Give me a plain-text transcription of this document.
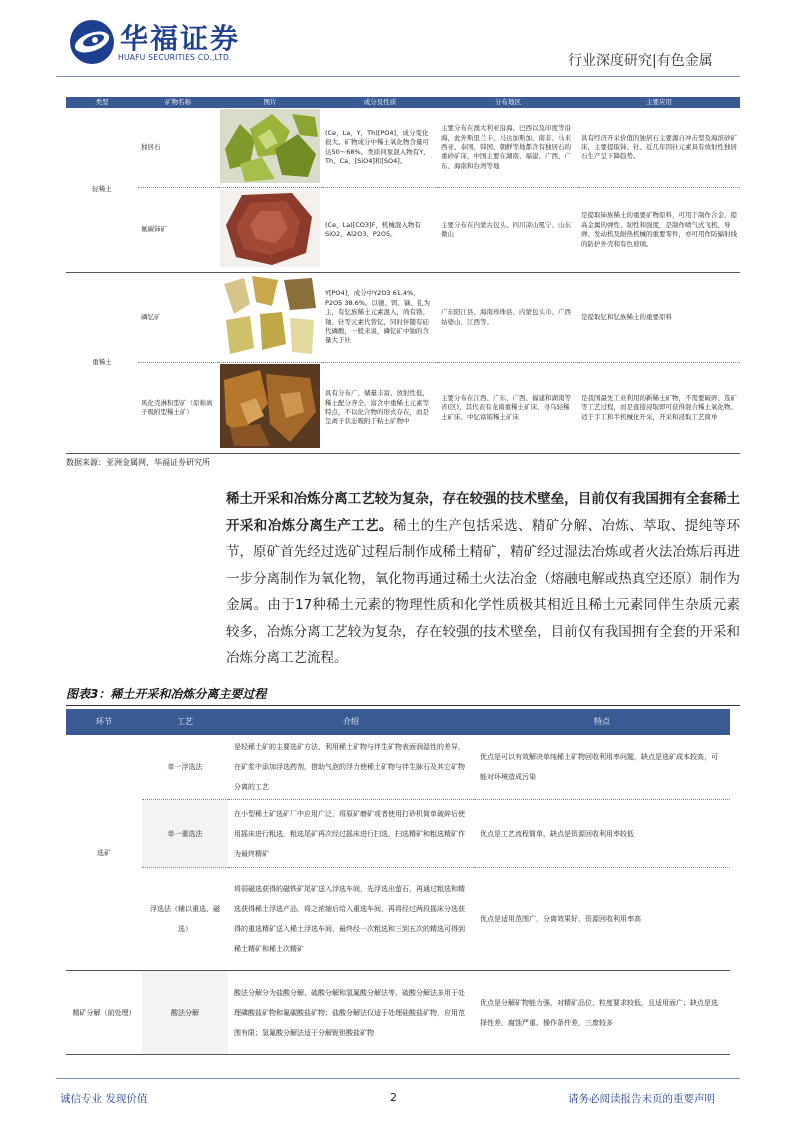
华福证券
HUAFU SECURITIES CO.,LTD.	行业深度研究|有色金属
类型	矿物名称	图片	成分及性质	分布地区	主要应用
轻稀土	独居石		(Ce，La，Y，Th)[PO4]，成分变化很大。矿物成分中稀土氧化物含量可达50～68%。类质同象混入物有Y、Th、Ca、[SiO4]和[SO4]。	主要分布在澳大利亚沿海、巴西以及印度等沿海，此外斯里兰卡、马达加斯加、南非、马来西亚、泰国、韩国、朝鲜等地都含有独居石的重砂矿床，中国主要在湖南、福建、广西、广东、海南和台湾等地	具有经济开采价值的独居石主要源自冲击型及海滨砂矿床，主要提取铈、钍、近几年因钍元素具有放射性独居石生产呈下降趋势。
	氟碳铈矿		(Ce，La)[CO3]F，机械混入物有SiO2、Al2O3、P2O5。	主要分布在内蒙古包头、四川凉山冕宁、山东微山	是提取铈族稀土的重要矿物原料，可用于制作合金，提高金属的弹性、韧性和强度，是制作喷气式飞机、导弹、发动机及耐热机械的重要零件，亦可用作防辐射线的防护外壳和有色玻璃。
重稀土	磷钇矿		Y[PO4]，成分中Y2O3 61.4%，P2O5 38.6%。以镱、铒、镝、钆为主，有钇族稀土元素混入，尚有锆、铀、钍等元素代替钇，同时伴随有硅代磷酸，一般来说，磷钇矿中铀的含量大于钍	广东阳江县、海南珍珠县、内蒙包头市、广西姑婆山、江西等。	是提取钇和钇族稀土的重要原料
	风化壳淋积型矿（原称离子吸附型稀土矿）		具有分布广、储量丰富、放射性低，稀土配分齐全，富含中重稀土元素等特点，不以化合物的形式存在，而是呈离子状态吸附于粘土矿物中	主要分布在江西、广东、广西、福建和湖南等省(区)，其代表有龙南重稀土矿床、寻乌轻稀土矿床、中钇富铕稀土矿床	是我国最先工业利用的新稀土矿物，不需要破碎、选矿等工艺过程，而是直接浸取即可获得混合稀土氧化物。适于手工和半机械化开采，开采和浸取工艺简单
数据来源：亚洲金属网，华福证券研究所
稀土开采和冶炼分离工艺较为复杂，存在较强的技术壁垒，目前仅有我国拥有全套稀土开采和冶炼分离生产工艺。稀土的生产包括采选、精矿分解、冶炼、萃取、提纯等环节，原矿首先经过选矿过程后制作成稀土精矿，精矿经过湿法冶炼或者火法冶炼后再进一步分离制作为氧化物，氧化物再通过稀土火法冶金（熔融电解或热真空还原）制作为金属。由于17种稀土元素的物理性质和化学性质极其相近且稀土元素同伴生杂质元素较多，冶炼分离工艺较为复杂，存在较强的技术壁垒，目前仅有我国拥有全套的开采和冶炼分离工艺流程。
图表3：稀土开采和冶炼分离主要过程
环节	工艺	介绍	特点
选矿	单一浮选法	是轻稀土矿的主要选矿方法，利用稀土矿物与伴生矿物表面润湿性的差异，在矿浆中添加浮选药剂，借助气泡的浮力使稀土矿物与伴生脉石及其它矿物分离的工艺	优点是可以有效解决单纯稀土矿物回收利用率问题，缺点是选矿成本较高，可能对环境造成污染
	单一重选法	在小型稀土矿选矿厂中应用广泛，将原矿磨矿或者使用打砂机简单破碎后使用摇床进行粗选，粗选尾矿再次经过摇床进行扫选，扫选精矿和粗选精矿作为最终精矿	优点是工艺流程简单，缺点是资源回收利用率较低
	浮选法（辅以重选、磁选）	将弱磁选获得的磁铁矿尾矿送入浮选车间，先浮选出萤石，再通过粗选和精选获得稀土浮选产品，将之浓缩后给入重选车间，再将经过两段摇床分选获得的重选精矿送入稀土浮选车间，最终经一次粗选和三到五次的精选可得到稀土精矿和稀土次精矿	优点是适用范围广，分离效果好，资源回收利用率高
精矿分解（前处理）	酸法分解	酸法分解分为盐酸分解、硫酸分解和氢氟酸分解法等，硫酸分解法多用于处理磷酸盐矿物和氟碳酸盐矿物；盐酸分解法仅适于处理硅酸盐矿物，应用范围有限；氢氟酸分解法适于分解铌钽酸盐矿物	优点是分解矿物能力强，对精矿品位、粒度要求较低，且适用面广；缺点是选择性差，腐蚀严重、操作条件差，三废较多
诚信专业 发现价值	2	请务必阅读报告末页的重要声明
